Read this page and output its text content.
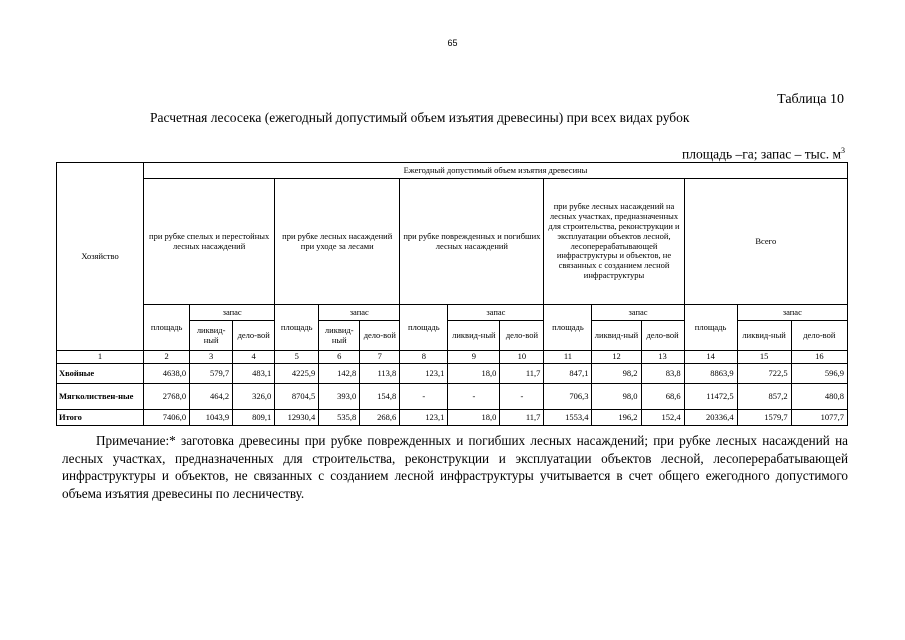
65
Таблица 10
Расчетная лесосека (ежегодный допустимый объем изъятия древесины) при всех видах рубок
площадь –га; запас – тыс. $м^3$
Хозяйство	Ежегодный допустимый объем изъятия древесины														
	при рубке спелых и перестойных лесных насаждений			при рубке лесных насаждений при уходе за лесами			при рубке поврежденных и погибших лесных насаждений			при рубке лесных насаждений на лесных участках, предназначенных для строительства, реконструкции и эксплуатации объектов лесной, лесоперерабатывающей инфраструктуры и объектов, не связанных с созданием лесной инфраструктуры			Всего		
	площадь	запас		площадь	запас		площадь	запас		площадь	запас		площадь	запас	
		ликвид-ный	дело-вой		ликвид-ный	дело-вой		ликвид-ный	дело-вой		ликвид-ный	дело-вой		ликвид-ный	дело-вой
1	2	3	4	5	6	7	8	9	10	11	12	13	14	15	16
Хвойные	4638,0	579,7	483,1	4225,9	142,8	113,8	123,1	18,0	11,7	847,1	98,2	83,8	8863,9	722,5	596,9
Мягколиствен-ные	2768,0	464,2	326,0	8704,5	393,0	154,8	-	-	-	706,3	98,0	68,6	11472,5	857,2	480,8
Итого	7406,0	1043,9	809,1	12930,4	535,8	268,6	123,1	18,0	11,7	1553,4	196,2	152,4	20336,4	1579,7	1077,7
Примечание:* заготовка древесины при рубке поврежденных и погибших лесных насаждений; при рубке лесных насаждений на лесных участках, предназначенных для строительства, реконструкции и эксплуатации объектов лесной, лесоперерабатывающей инфраструктуры и объектов, не связанных с созданием лесной инфраструктуры учитывается в счет общего ежегодного допустимого объема изъятия древесины по лесничеству.
